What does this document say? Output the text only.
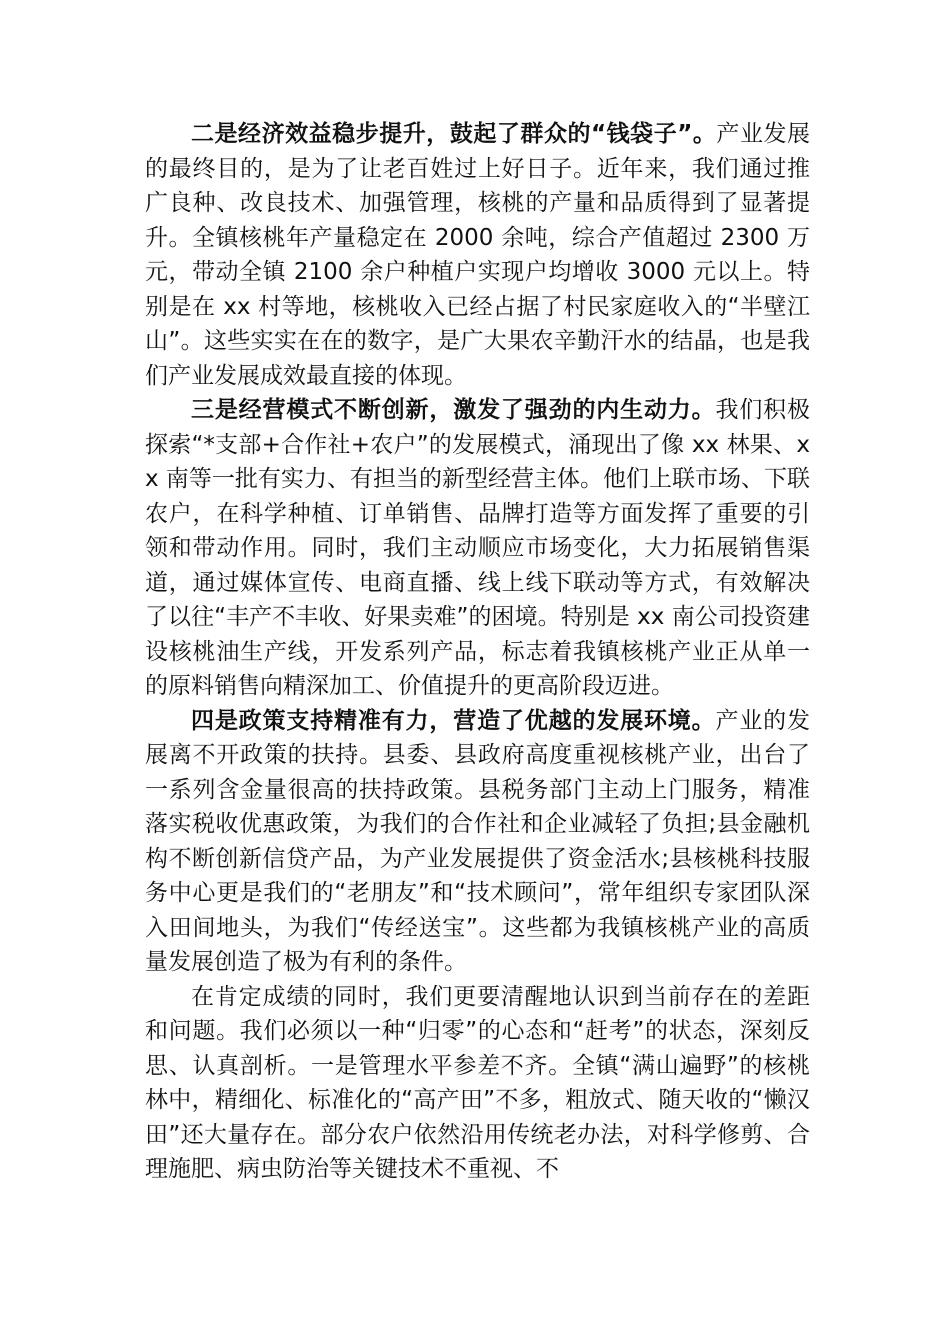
二是经济效益稳步提升，鼓起了群众的“钱袋子”。产业发展的最终目的，是为了让老百姓过上好日子。近年来，我们通过推广良种、改良技术、加强管理，核桃的产量和品质得到了显著提升。全镇核桃年产量稳定在 2000 余吨，综合产值超过 2300 万元，带动全镇 2100 余户种植户实现户均增收 3000 元以上。特别是在 xx 村等地，核桃收入已经占据了村民家庭收入的“半壁江山”。这些实实在在的数字，是广大果农辛勤汗水的结晶，也是我们产业发展成效最直接的体现。

三是经营模式不断创新，激发了强劲的内生动力。我们积极探索“*支部+合作社+农户”的发展模式，涌现出了像 xx 林果、xx 南等一批有实力、有担当的新型经营主体。他们上联市场、下联农户，在科学种植、订单销售、品牌打造等方面发挥了重要的引领和带动作用。同时，我们主动顺应市场变化，大力拓展销售渠道，通过媒体宣传、电商直播、线上线下联动等方式，有效解决了以往“丰产不丰收、好果卖难”的困境。特别是 xx 南公司投资建设核桃油生产线，开发系列产品，标志着我镇核桃产业正从单一的原料销售向精深加工、价值提升的更高阶段迈进。

四是政策支持精准有力，营造了优越的发展环境。产业的发展离不开政策的扶持。县委、县政府高度重视核桃产业，出台了一系列含金量很高的扶持政策。县税务部门主动上门服务，精准落实税收优惠政策，为我们的合作社和企业减轻了负担;县金融机构不断创新信贷产品，为产业发展提供了资金活水;县核桃科技服务中心更是我们的“老朋友”和“技术顾问”，常年组织专家团队深入田间地头，为我们“传经送宝”。这些都为我镇核桃产业的高质量发展创造了极为有利的条件。

在肯定成绩的同时，我们更要清醒地认识到当前存在的差距和问题。我们必须以一种“归零”的心态和“赶考”的状态，深刻反思、认真剖析。一是管理水平参差不齐。全镇“满山遍野”的核桃林中，精细化、标准化的“高产田”不多，粗放式、随天收的“懒汉田”还大量存在。部分农户依然沿用传统老办法，对科学修剪、合理施肥、病虫防治等关键技术不重视、不
